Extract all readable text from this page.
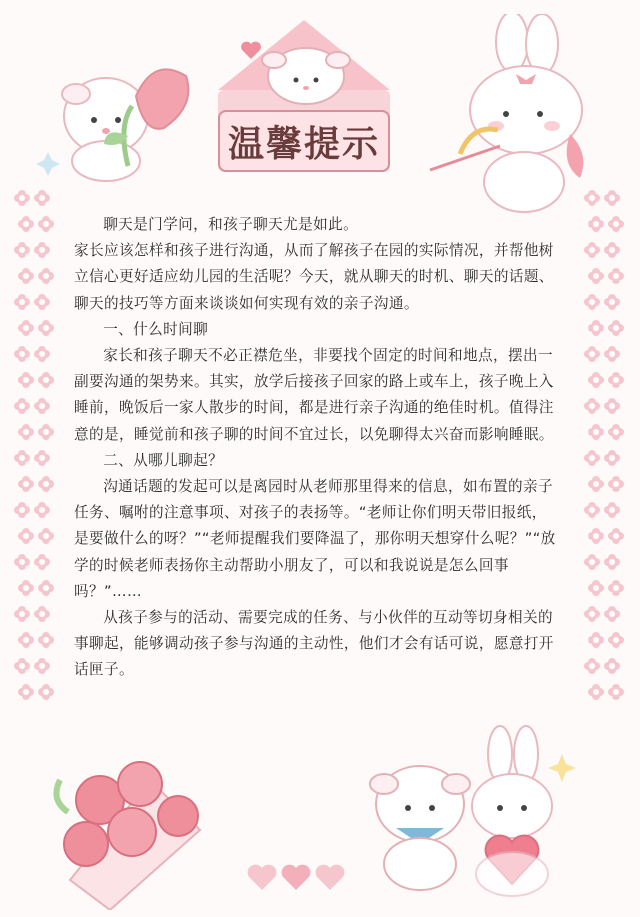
温馨提示

聊天是门学问，和孩子聊天尤是如此。

家长应该怎样和孩子进行沟通，从而了解孩子在园的实际情况，并帮他树立信心更好适应幼儿园的生活呢？今天，就从聊天的时机、聊天的话题、聊天的技巧等方面来谈谈如何实现有效的亲子沟通。

一、什么时间聊

家长和孩子聊天不必正襟危坐，非要找个固定的时间和地点，摆出一副要沟通的架势来。其实，放学后接孩子回家的路上或车上，孩子晚上入睡前，晚饭后一家人散步的时间，都是进行亲子沟通的绝佳时机。值得注意的是，睡觉前和孩子聊的时间不宜过长，以免聊得太兴奋而影响睡眠。

二、从哪儿聊起？

沟通话题的发起可以是离园时从老师那里得来的信息，如布置的亲子任务、嘱咐的注意事项、对孩子的表扬等。“老师让你们明天带旧报纸，是要做什么的呀？”“老师提醒我们要降温了，那你明天想穿什么呢？”“放学的时候老师表扬你主动帮助小朋友了，可以和我说说是怎么回事吗？”……

从孩子参与的活动、需要完成的任务、与小伙伴的互动等切身相关的事聊起，能够调动孩子参与沟通的主动性，他们才会有话可说，愿意打开话匣子。
